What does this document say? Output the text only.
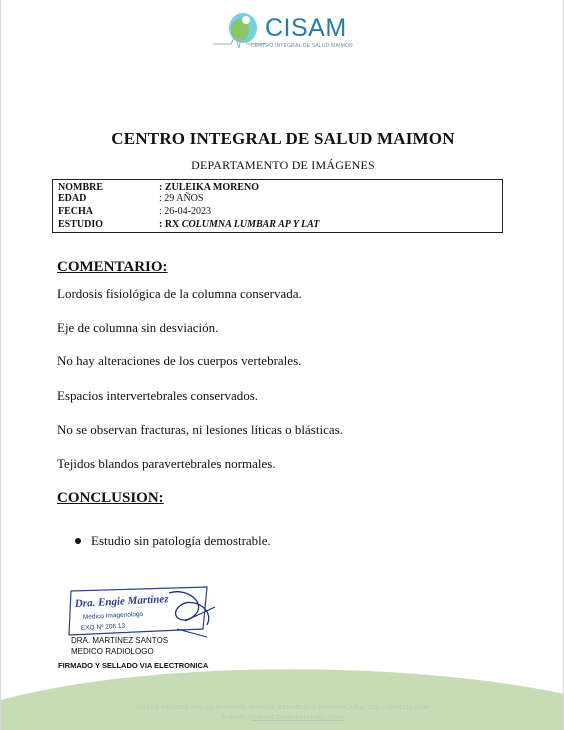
CISAM
CENTRO INTEGRAL DE SALUD MAIMON
CENTRO INTEGRAL DE SALUD MAIMON
DEPARTAMENTO DE IMÁGENES
NOMBRE	: ZULEIKA MORENO
EDAD	: 29 AÑOS
FECHA	: 26-04-2023
ESTUDIO	: RX COLUMNA LUMBAR AP Y LAT
COMENTARIO:
Lordosis fisiológica de la columna conservada.
Eje de columna sin desviación.
No hay alteraciones de los cuerpos vertebrales.
Espacios intervertebrales conservados.
No se observan fracturas, ni lesiones líticas o blásticas.
Tejidos blandos paravertebrales normales.
CONCLUSION:
Estudio sin patología demostrable.
Dra. Engie Martinez
Medico Imagenologo
EXQ Nº 206 13
DRA. MARTINEZ SANTOS
MEDICO RADIOLOGO
FIRMADO Y SELLADO VIA ELECTRONICA
CALLE DUARTE NO. 13, MAIMÓN, BONAO, REPUBLICA DOMINICANA. TEL.: (809)331-2196
E-MAIL.: CISAM.DO@HOTMAIL .COM
